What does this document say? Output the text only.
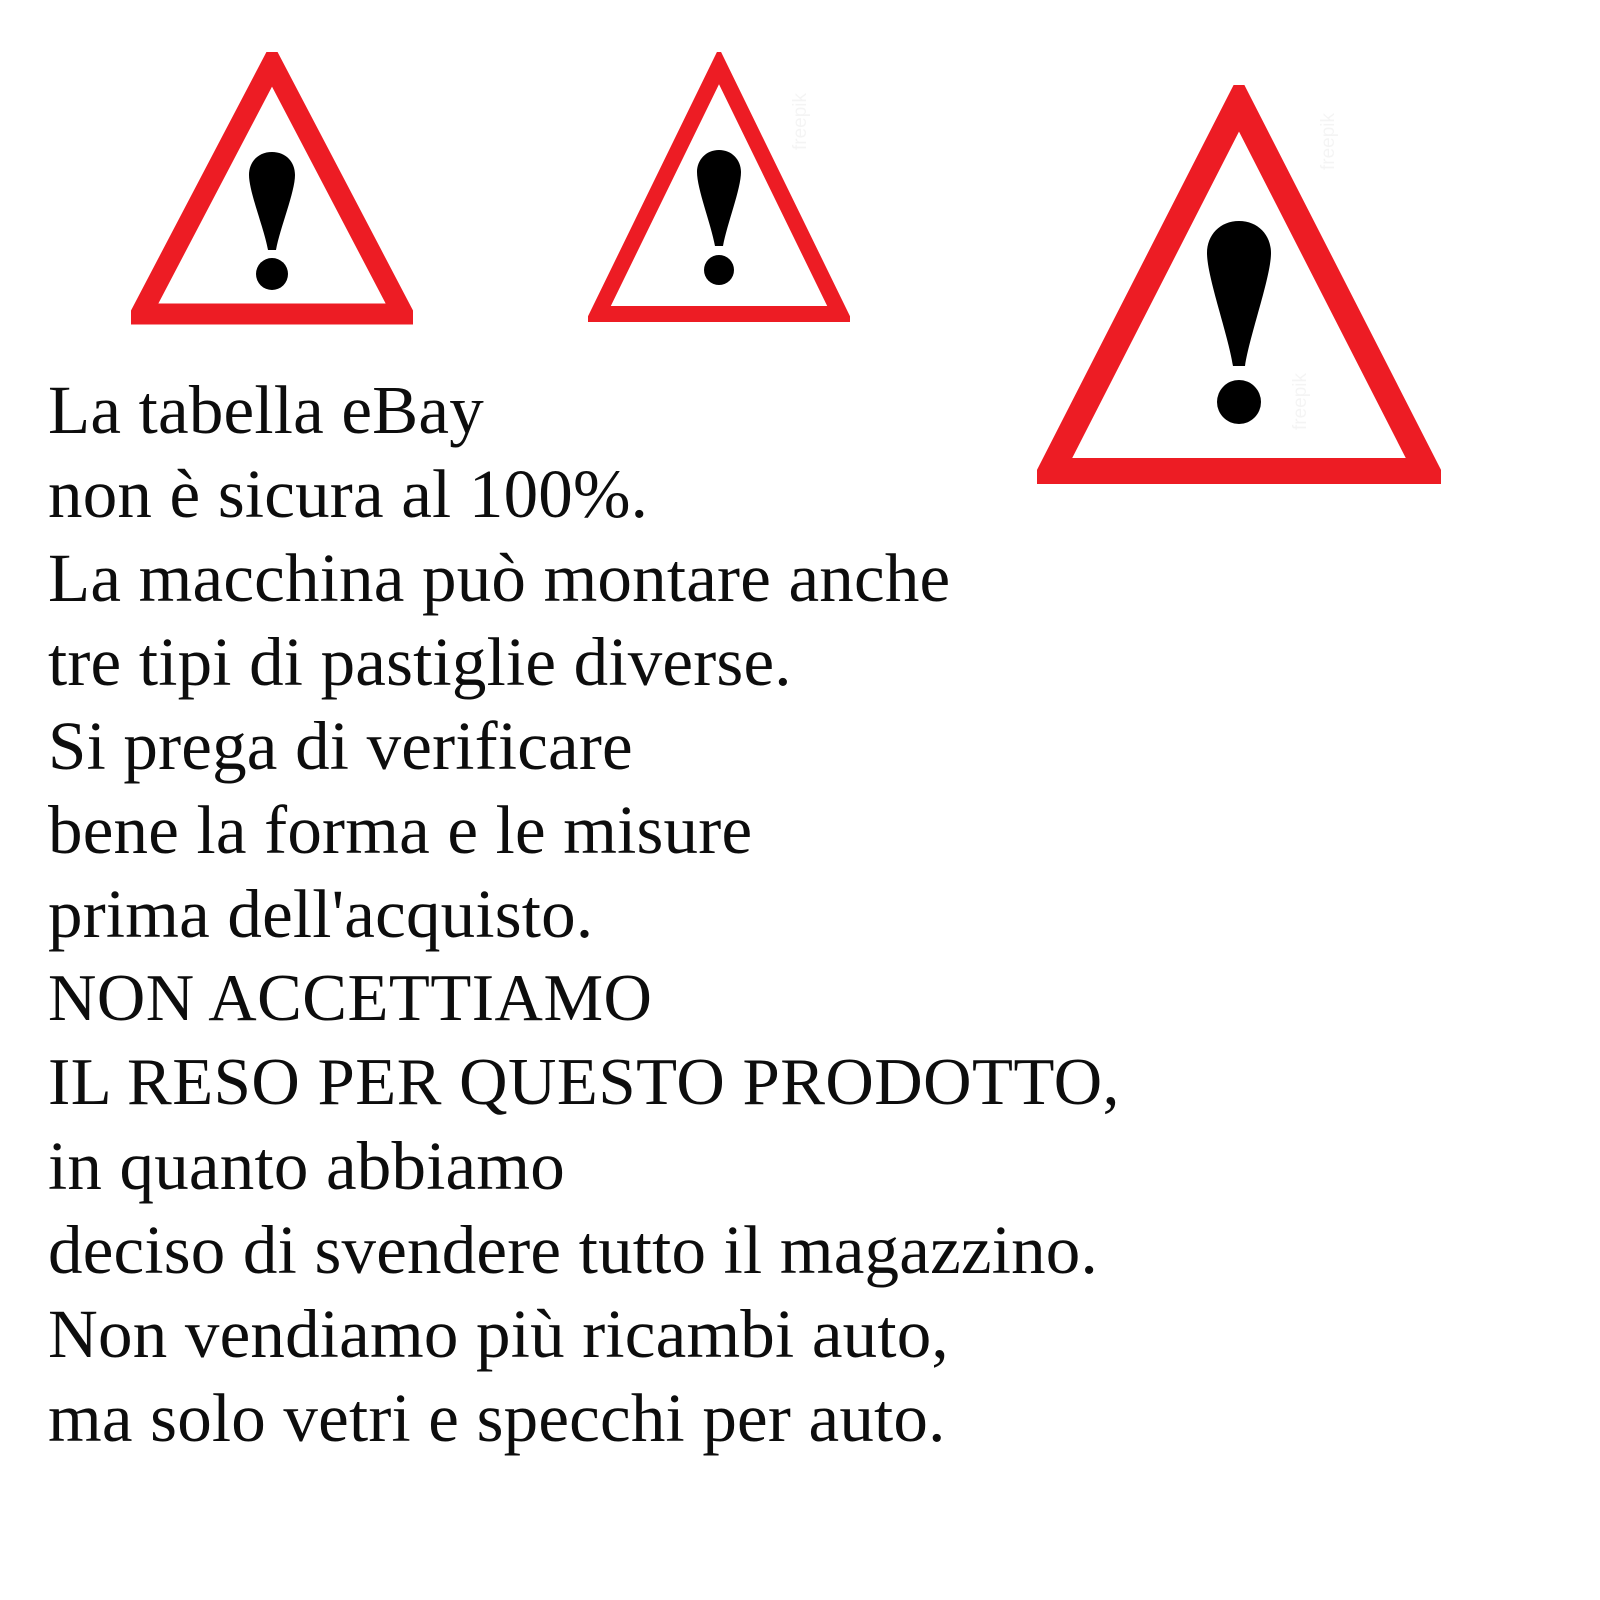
La tabella eBay
non è sicura al 100%.
La macchina può montare anche
tre tipi di pastiglie diverse.
Si prega di verificare
bene la forma e le misure
prima dell'acquisto.
NON ACCETTIAMO
IL RESO PER QUESTO PRODOTTO,
in quanto abbiamo
deciso di svendere tutto il magazzino.
Non vendiamo più ricambi auto,
ma solo vetri e specchi per auto.
